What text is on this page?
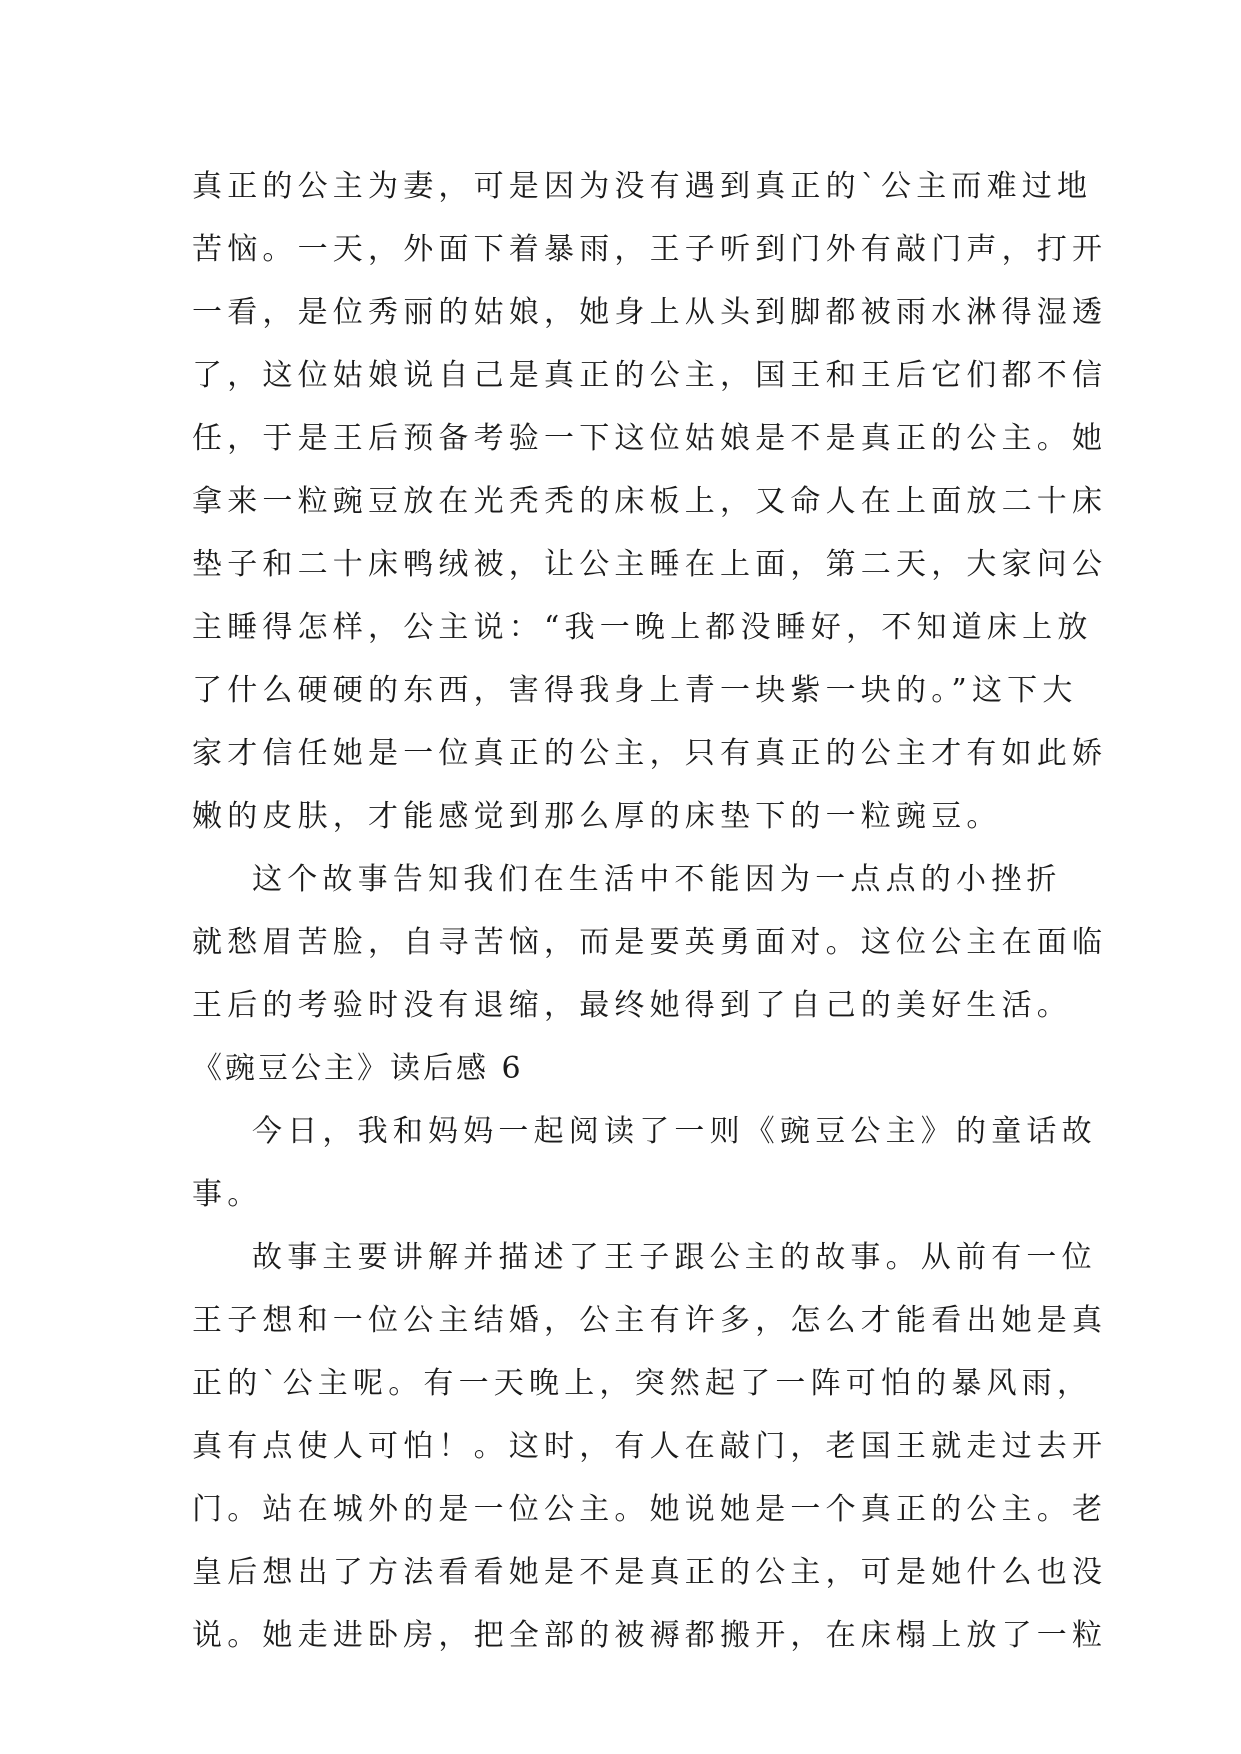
真正的公主为妻，可是因为没有遇到真正的`公主而难过地
苦恼。一天，外面下着暴雨，王子听到门外有敲门声，打开
一看，是位秀丽的姑娘，她身上从头到脚都被雨水淋得湿透
了，这位姑娘说自己是真正的公主，国王和王后它们都不信
任，于是王后预备考验一下这位姑娘是不是真正的公主。她
拿来一粒豌豆放在光秃秃的床板上，又命人在上面放二十床
垫子和二十床鸭绒被，让公主睡在上面，第二天，大家问公
主睡得怎样，公主说：“我一晚上都没睡好，不知道床上放
了什么硬硬的东西，害得我身上青一块紫一块的。”这下大
家才信任她是一位真正的公主，只有真正的公主才有如此娇
嫩的皮肤，才能感觉到那么厚的床垫下的一粒豌豆。
这个故事告知我们在生活中不能因为一点点的小挫折
就愁眉苦脸，自寻苦恼，而是要英勇面对。这位公主在面临
王后的考验时没有退缩，最终她得到了自己的美好生活。
《豌豆公主》读后感 6
今日，我和妈妈一起阅读了一则《豌豆公主》的童话故
事。
故事主要讲解并描述了王子跟公主的故事。从前有一位
王子想和一位公主结婚，公主有许多，怎么才能看出她是真
正的`公主呢。有一天晚上，突然起了一阵可怕的暴风雨，
真有点使人可怕！。这时，有人在敲门，老国王就走过去开
门。站在城外的是一位公主。她说她是一个真正的公主。老
皇后想出了方法看看她是不是真正的公主，可是她什么也没
说。她走进卧房，把全部的被褥都搬开，在床榻上放了一粒
